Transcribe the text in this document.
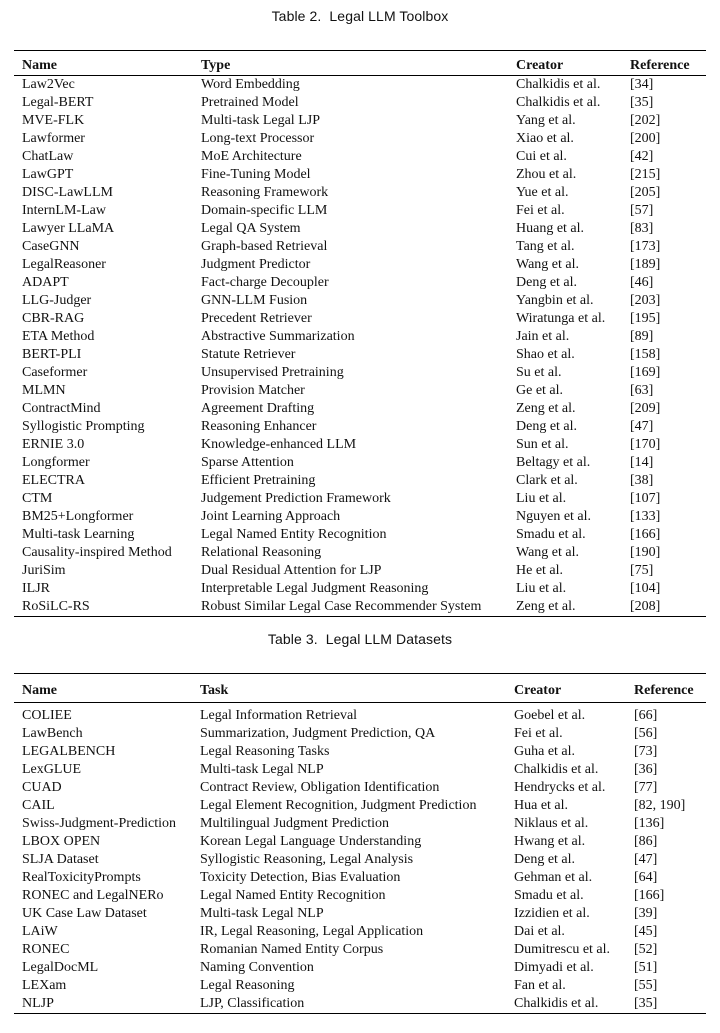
Table 2. Legal LLM Toolbox
Name	Type	Creator	Reference
Law2Vec	Word Embedding	Chalkidis et al.	[34]
Legal-BERT	Pretrained Model	Chalkidis et al.	[35]
MVE-FLK	Multi-task Legal LJP	Yang et al.	[202]
Lawformer	Long-text Processor	Xiao et al.	[200]
ChatLaw	MoE Architecture	Cui et al.	[42]
LawGPT	Fine-Tuning Model	Zhou et al.	[215]
DISC-LawLLM	Reasoning Framework	Yue et al.	[205]
InternLM-Law	Domain-specific LLM	Fei et al.	[57]
Lawyer LLaMA	Legal QA System	Huang et al.	[83]
CaseGNN	Graph-based Retrieval	Tang et al.	[173]
LegalReasoner	Judgment Predictor	Wang et al.	[189]
ADAPT	Fact-charge Decoupler	Deng et al.	[46]
LLG-Judger	GNN-LLM Fusion	Yangbin et al.	[203]
CBR-RAG	Precedent Retriever	Wiratunga et al.	[195]
ETA Method	Abstractive Summarization	Jain et al.	[89]
BERT-PLI	Statute Retriever	Shao et al.	[158]
Caseformer	Unsupervised Pretraining	Su et al.	[169]
MLMN	Provision Matcher	Ge et al.	[63]
ContractMind	Agreement Drafting	Zeng et al.	[209]
Syllogistic Prompting	Reasoning Enhancer	Deng et al.	[47]
ERNIE 3.0	Knowledge-enhanced LLM	Sun et al.	[170]
Longformer	Sparse Attention	Beltagy et al.	[14]
ELECTRA	Efficient Pretraining	Clark et al.	[38]
CTM	Judgement Prediction Framework	Liu et al.	[107]
BM25+Longformer	Joint Learning Approach	Nguyen et al.	[133]
Multi-task Learning	Legal Named Entity Recognition	Smadu et al.	[166]
Causality-inspired Method	Relational Reasoning	Wang et al.	[190]
JuriSim	Dual Residual Attention for LJP	He et al.	[75]
ILJR	Interpretable Legal Judgment Reasoning	Liu et al.	[104]
RoSiLC-RS	Robust Similar Legal Case Recommender System	Zeng et al.	[208]
Table 3. Legal LLM Datasets
Name	Task	Creator	Reference
COLIEE	Legal Information Retrieval	Goebel et al.	[66]
LawBench	Summarization, Judgment Prediction, QA	Fei et al.	[56]
LEGALBENCH	Legal Reasoning Tasks	Guha et al.	[73]
LexGLUE	Multi-task Legal NLP	Chalkidis et al.	[36]
CUAD	Contract Review, Obligation Identification	Hendrycks et al.	[77]
CAIL	Legal Element Recognition, Judgment Prediction	Hua et al.	[82, 190]
Swiss-Judgment-Prediction	Multilingual Judgment Prediction	Niklaus et al.	[136]
LBOX OPEN	Korean Legal Language Understanding	Hwang et al.	[86]
SLJA Dataset	Syllogistic Reasoning, Legal Analysis	Deng et al.	[47]
RealToxicityPrompts	Toxicity Detection, Bias Evaluation	Gehman et al.	[64]
RONEC and LegalNERo	Legal Named Entity Recognition	Smadu et al.	[166]
UK Case Law Dataset	Multi-task Legal NLP	Izzidien et al.	[39]
LAiW	IR, Legal Reasoning, Legal Application	Dai et al.	[45]
RONEC	Romanian Named Entity Corpus	Dumitrescu et al.	[52]
LegalDocML	Naming Convention	Dimyadi et al.	[51]
LEXam	Legal Reasoning	Fan et al.	[55]
NLJP	LJP, Classification	Chalkidis et al.	[35]
